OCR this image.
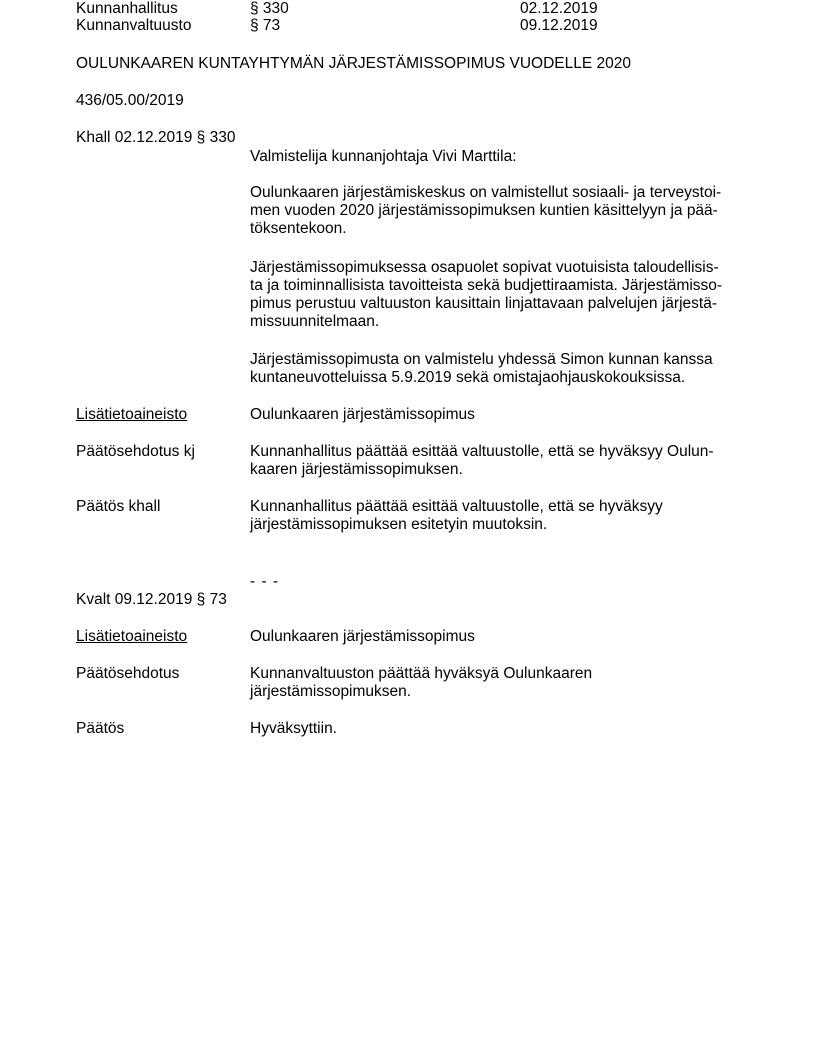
Kunnanhallitus	§ 330	02.12.2019
Kunnanvaltuusto	§ 73	09.12.2019
OULUNKAAREN KUNTAYHTYMÄN JÄRJESTÄMISSOPIMUS VUODELLE 2020
436/05.00/2019
Khall 02.12.2019 § 330
Valmistelija kunnanjohtaja Vivi Marttila:
Oulunkaaren järjestämiskeskus on valmistellut sosiaali- ja terveystoi-
men vuoden 2020 järjestämissopimuksen kuntien käsittelyyn ja pää-
töksentekoon.
Järjestämissopimuksessa osapuolet sopivat vuotuisista taloudellisis-
ta ja toiminnallisista tavoitteista sekä budjettiraamista. Järjestämisso-
pimus perustuu valtuuston kausittain linjattavaan palvelujen järjestä-
missuunnitelmaan.
Järjestämissopimusta on valmistelu yhdessä Simon kunnan kanssa
kuntaneuvotteluissa 5.9.2019 sekä omistajaohjauskokouksissa.
Lisätietoaineisto	Oulunkaaren järjestämissopimus
Päätösehdotus kj	Kunnanhallitus päättää esittää valtuustolle, että se hyväksyy Oulun-
kaaren järjestämissopimuksen.
Päätös khall	Kunnanhallitus päättää esittää valtuustolle, että se hyväksyy
järjestämissopimuksen esitetyin muutoksin.
- - -
Kvalt 09.12.2019 § 73
Lisätietoaineisto	Oulunkaaren järjestämissopimus
Päätösehdotus	Kunnanvaltuuston päättää hyväksyä Oulunkaaren
järjestämissopimuksen.
Päätös	Hyväksyttiin.
